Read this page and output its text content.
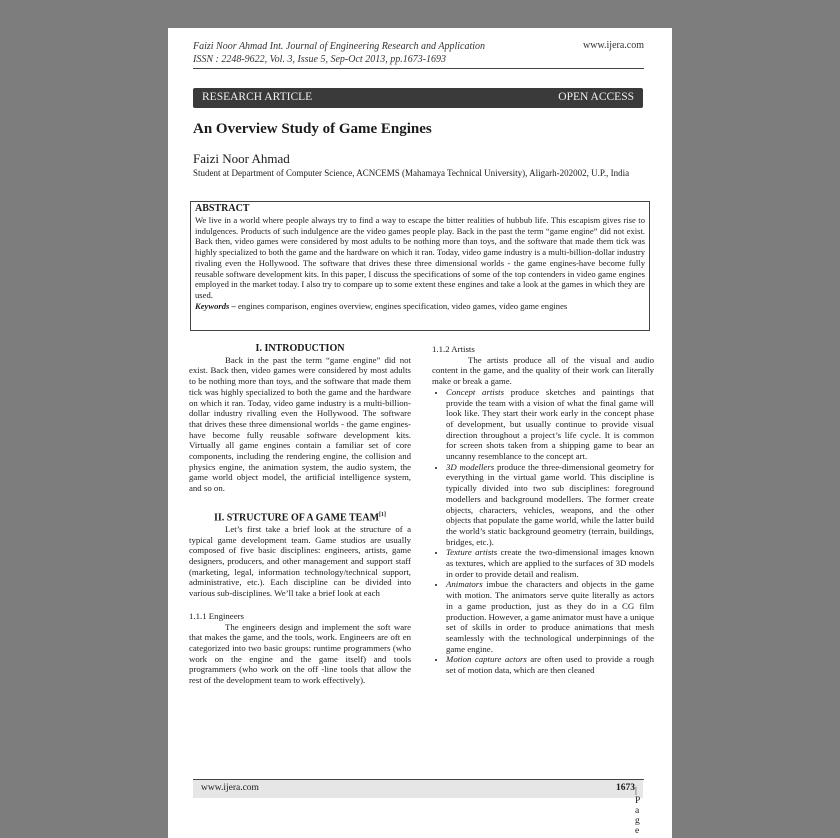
Faizi Noor Ahmad Int. Journal of Engineering Research and Application
ISSN : 2248-9622, Vol. 3, Issue 5, Sep-Oct 2013, pp.1673-1693
www.ijera.com
RESEARCH ARTICLE	OPEN ACCESS
An Overview Study of Game Engines
Faizi Noor Ahmad
Student at Department of Computer Science, ACNCEMS (Mahamaya Technical University), Aligarh-202002, U.P., India
ABSTRACT
We live in a world where people always try to find a way to escape the bitter realities of hubbub life. This escapism gives rise to indulgences. Products of such indulgence are the video games people play. Back in the past the term “game engine” did not exist. Back then, video games were considered by most adults to be nothing more than toys, and the software that made them tick was highly specialized to both the game and the hardware on which it ran. Today, video game industry is a multi-billion-dollar industry rivaling even the Hollywood. The software that drives these three dimensional worlds - the game engines-have become fully reusable software development kits. In this paper, I discuss the specifications of some of the top contenders in video game engines employed in the market today. I also try to compare up to some extent these engines and take a look at the games in which they are used.
Keywords – engines comparison, engines overview, engines specification, video games, video game engines

I. INTRODUCTION

Back in the past the term “game engine” did not exist. Back then, video games were considered by most adults to be nothing more than toys, and the software that made them tick was highly specialized to both the game and the hardware on which it ran. Today, video game industry is a multi-billion-dollar industry rivalling even the Hollywood. The software that drives these three dimensional worlds - the game engines-have become fully reusable software development kits. Virtually all game engines contain a familiar set of core components, including the rendering engine, the collision and physics engine, the animation system, the audio system, the game world object model, the artificial intelligence system, and so on.

II. STRUCTURE OF A GAME TEAM[1]

Let’s first take a brief look at the structure of a typical game development team. Game studios are usually composed of five basic disciplines: engineers, artists, game designers, producers, and other management and support staff (marketing, legal, information technology/technical support, administrative, etc.). Each discipline can be divided into various sub-disciplines. We’ll take a brief look at each

1.1.1 Engineers

The engineers design and implement the soft ware that makes the game, and the tools, work. Engineers are oft en categorized into two basic groups: runtime programmers (who work on the engine and the game itself) and tools programmers (who work on the off -line tools that allow the rest of the development team to work effectively).

1.1.2 Artists

The artists produce all of the visual and audio content in the game, and the quality of their work can literally make or break a game.

• Concept artists produce sketches and paintings that provide the team with a vision of what the final game will look like. They start their work early in the concept phase of development, but usually continue to provide visual direction throughout a project’s life cycle. It is common for screen shots taken from a shipping game to bear an uncanny resemblance to the concept art.
• 3D modellers produce the three-dimensional geometry for everything in the virtual game world. This discipline is typically divided into two sub disciplines: foreground modellers and background modellers. The former create objects, characters, vehicles, weapons, and the other objects that populate the game world, while the latter build the world’s static background geometry (terrain, buildings, bridges, etc.).
• Texture artists create the two-dimensional images known as textures, which are applied to the surfaces of 3D models in order to provide detail and realism.
• Animators imbue the characters and objects in the game with motion. The animators serve quite literally as actors in a game production, just as they do in a CG film production. However, a game animator must have a unique set of skills in order to produce animations that mesh seamlessly with the technological underpinnings of the game engine.
• Motion capture actors are often used to provide a rough set of motion data, which are then cleaned
www.ijera.com	1673 | P a g e
